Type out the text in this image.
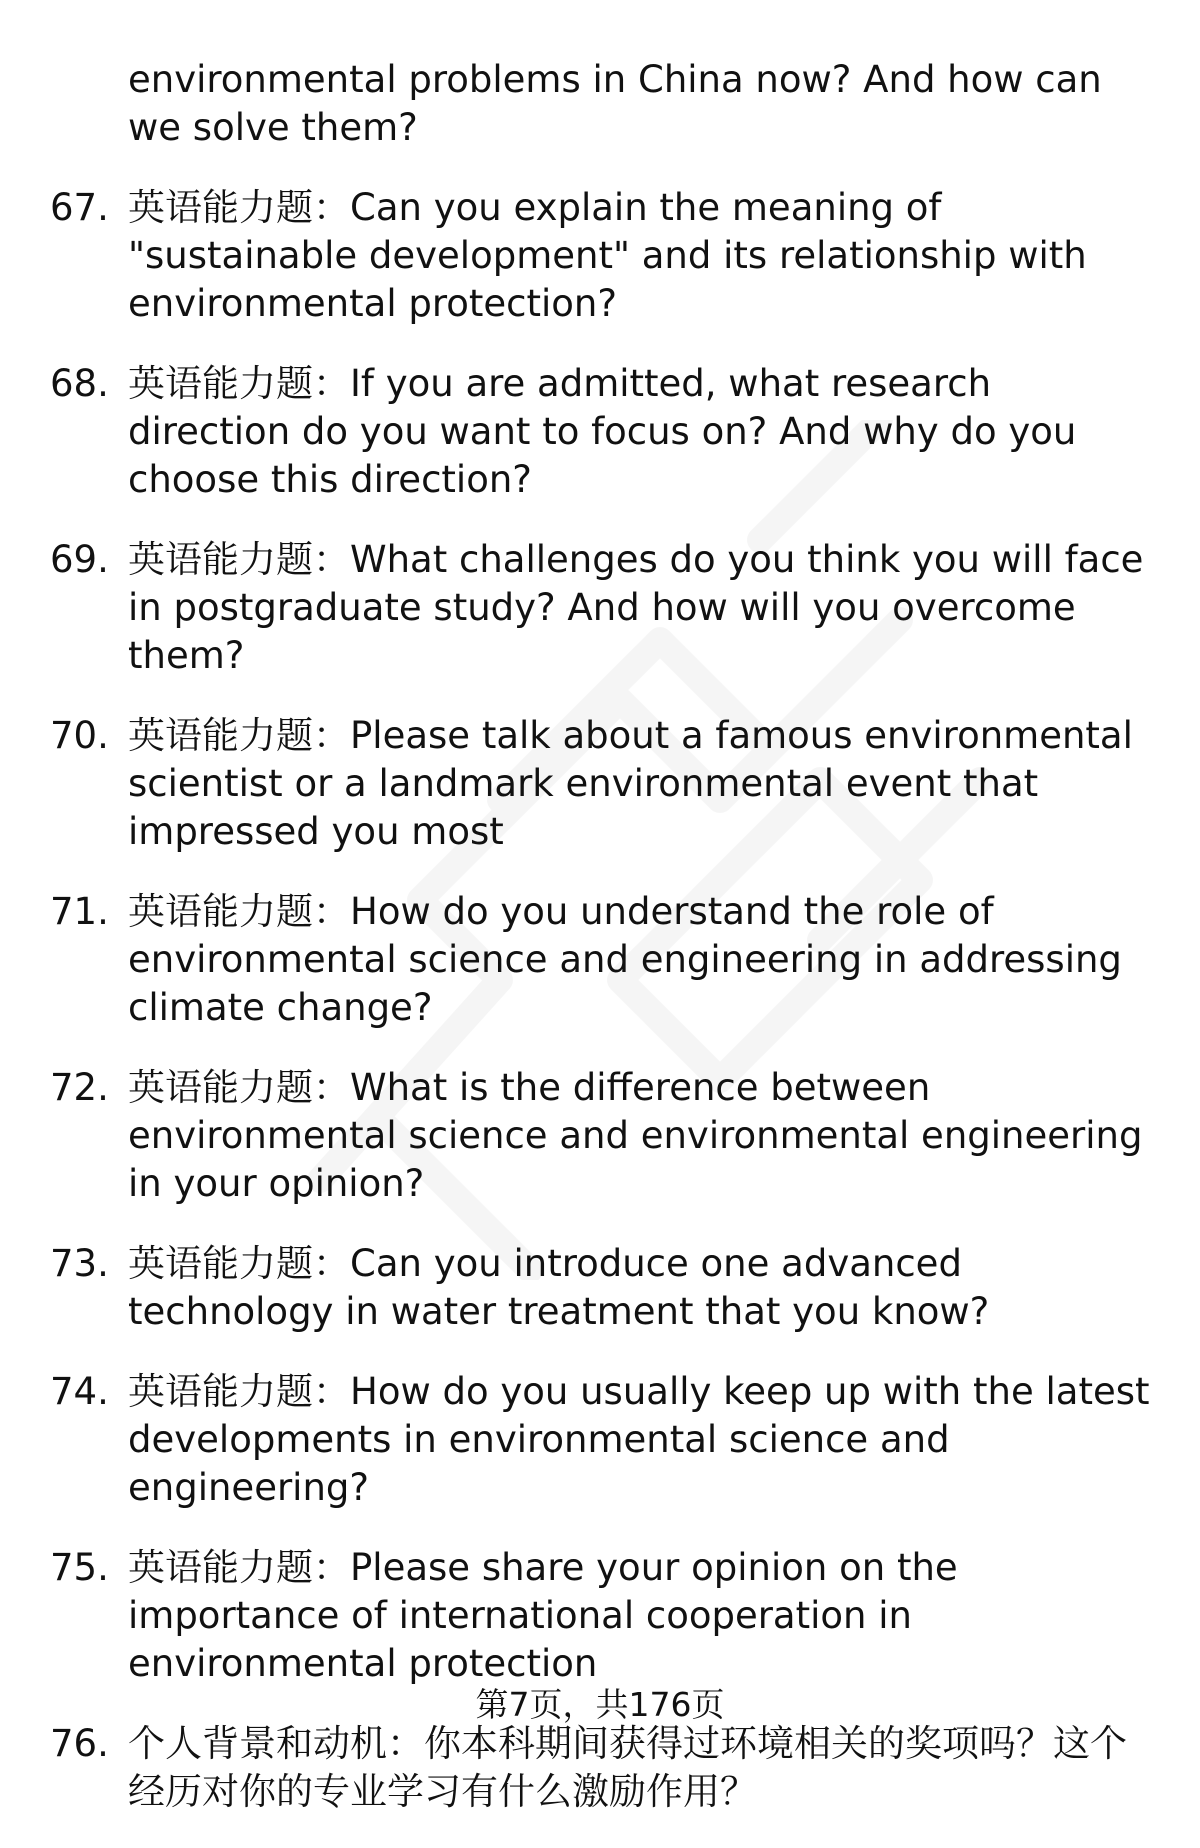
environmental problems in China now? And how can we solve them?
67. 英语能力题：Can you explain the meaning of "sustainable development" and its relationship with environmental protection?
68. 英语能力题：If you are admitted, what research direction do you want to focus on? And why do you choose this direction?
69. 英语能力题：What challenges do you think you will face in postgraduate study? And how will you overcome them?
70. 英语能力题：Please talk about a famous environmental scientist or a landmark environmental event that impressed you most
71. 英语能力题：How do you understand the role of environmental science and engineering in addressing climate change?
72. 英语能力题：What is the difference between environmental science and environmental engineering in your opinion?
73. 英语能力题：Can you introduce one advanced technology in water treatment that you know?
74. 英语能力题：How do you usually keep up with the latest developments in environmental science and engineering?
75. 英语能力题：Please share your opinion on the importance of international cooperation in environmental protection
76. 个人背景和动机：你本科期间获得过环境相关的奖项吗？这个经历对你的专业学习有什么激励作用？
第7页，共176页
